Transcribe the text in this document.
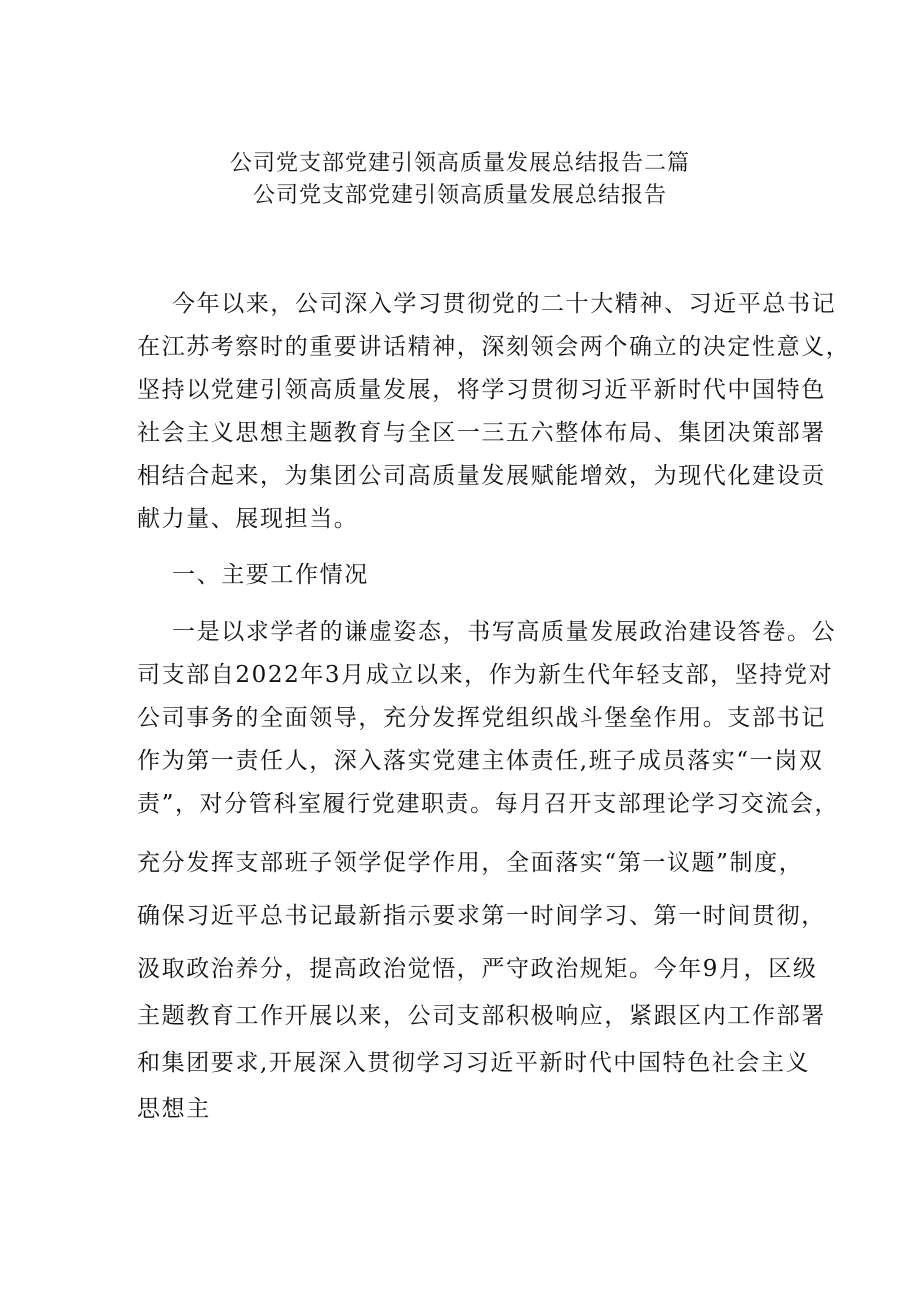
公司党支部党建引领高质量发展总结报告二篇
公司党支部党建引领高质量发展总结报告
今年以来，公司深入学习贯彻党的二十大精神、习近平总书记
在江苏考察时的重要讲话精神，深刻领会两个确立的决定性意义，
坚持以党建引领高质量发展，将学习贯彻习近平新时代中国特色
社会主义思想主题教育与全区一三五六整体布局、集团决策部署
相结合起来，为集团公司高质量发展赋能增效，为现代化建设贡
献力量、展现担当。
一、主要工作情况
一是以求学者的谦虚姿态，书写高质量发展政治建设答卷。公
司支部自2022年3月成立以来，作为新生代年轻支部，坚持党对
公司事务的全面领导，充分发挥党组织战斗堡垒作用。支部书记
作为第一责任人，深入落实党建主体责任,班子成员落实“一岗双
责”，对分管科室履行党建职责。每月召开支部理论学习交流会，
充分发挥支部班子领学促学作用，全面落实“第一议题”制度，
确保习近平总书记最新指示要求第一时间学习、第一时间贯彻，
汲取政治养分，提高政治觉悟，严守政治规矩。今年9月，区级
主题教育工作开展以来，公司支部积极响应，紧跟区内工作部署
和集团要求,开展深入贯彻学习习近平新时代中国特色社会主义
思想主
